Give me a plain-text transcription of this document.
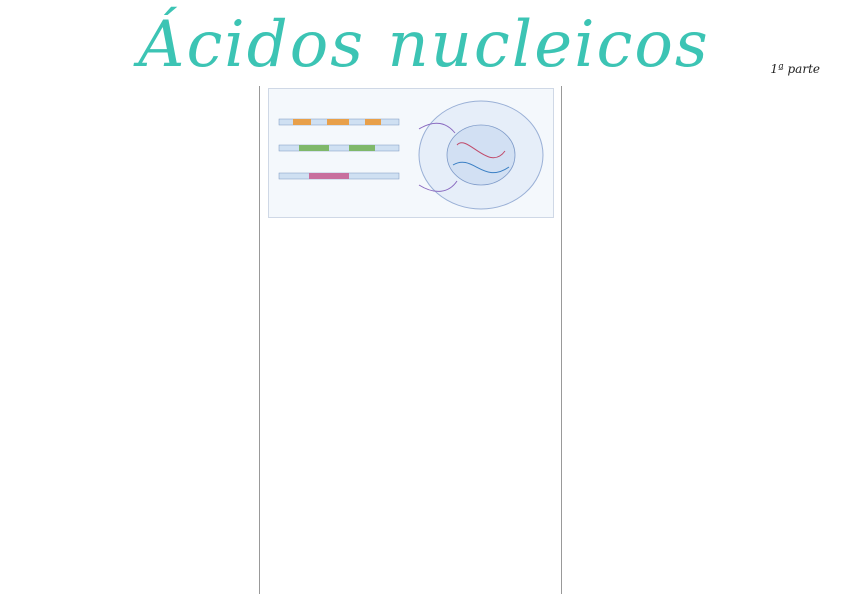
Ácidos nucleicos	1ª parte
